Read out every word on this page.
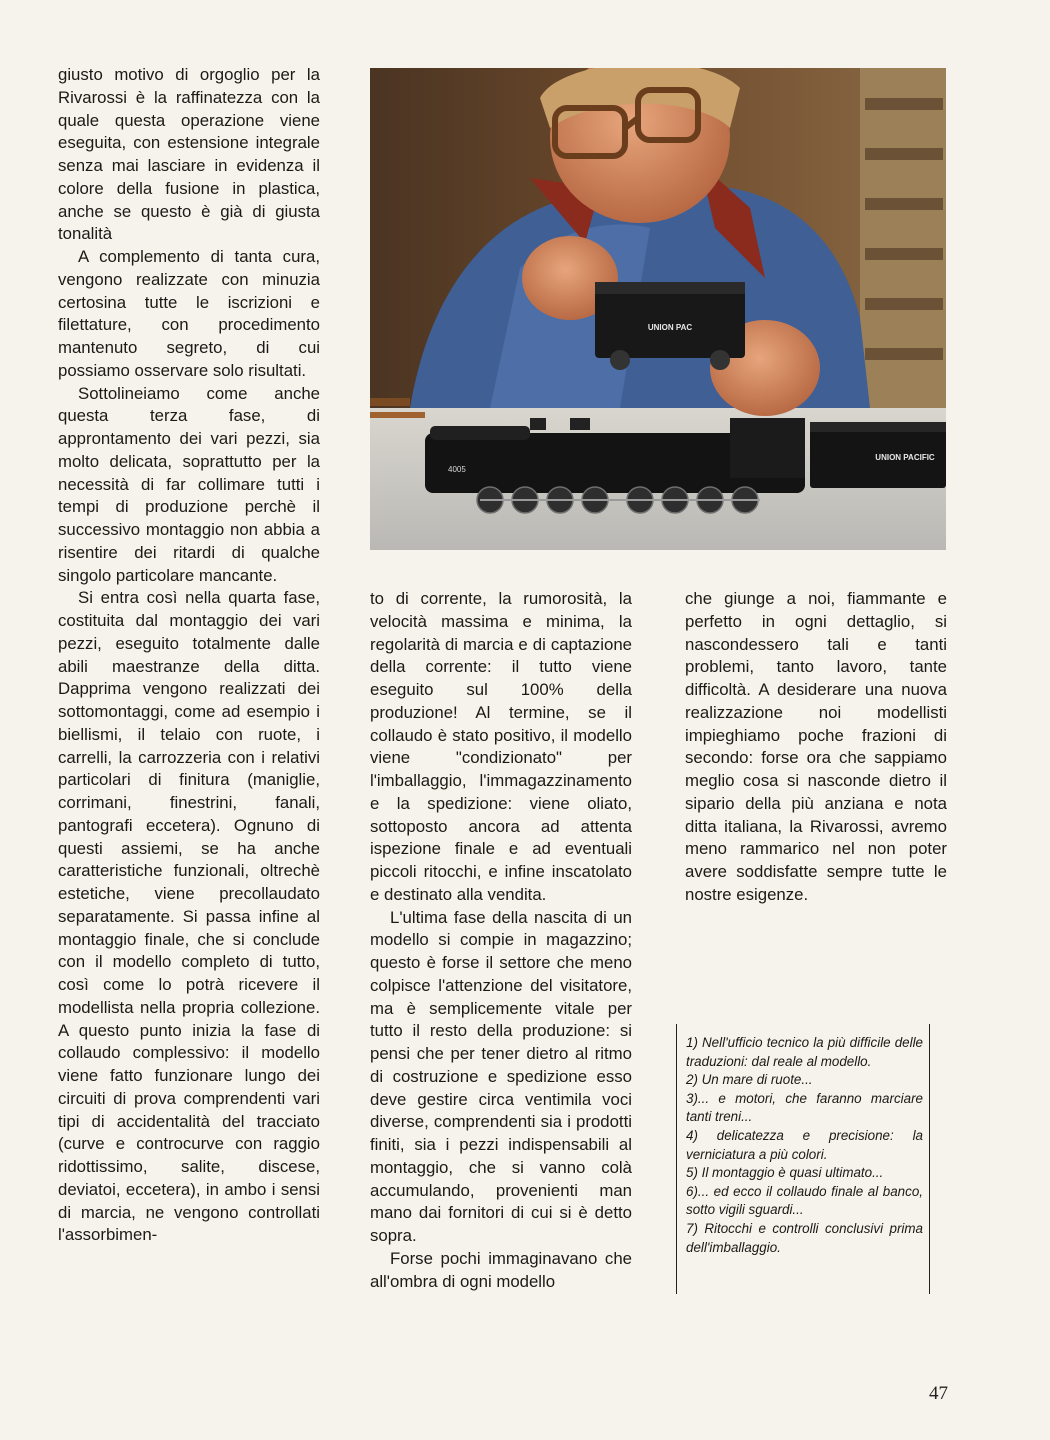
giusto motivo di orgoglio per la Rivarossi è la raffinatezza con la quale questa operazione viene eseguita, con estensione integrale senza mai lasciare in evidenza il colore della fusione in plastica, anche se questo è già di giusta tonalità

A complemento di tanta cura, vengono realizzate con minuzia certosina tutte le iscrizioni e filettature, con procedimento mantenuto segreto, di cui possiamo osservare solo risultati.

Sottolineiamo come anche questa terza fase, di approntamento dei vari pezzi, sia molto delicata, soprattutto per la necessità di far collimare tutti i tempi di produzione perchè il successivo montaggio non abbia a risentire dei ritardi di qualche singolo particolare mancante.

Si entra così nella quarta fase, costituita dal montaggio dei vari pezzi, eseguito totalmente dalle abili maestranze della ditta. Dapprima vengono realizzati dei sottomontaggi, come ad esempio i biellismi, il telaio con ruote, i carrelli, la carrozzeria con i relativi particolari di finitura (maniglie, corrimani, finestrini, fanali, pantografi eccetera). Ognuno di questi assiemi, se ha anche caratteristiche funzionali, oltrechè estetiche, viene precollaudato separatamente. Si passa infine al montaggio finale, che si conclude con il modello completo di tutto, così come lo potrà ricevere il modellista nella propria collezione. A questo punto inizia la fase di collaudo complessivo: il modello viene fatto funzionare lungo dei circuiti di prova comprendenti vari tipi di accidentalità del tracciato (curve e controcurve con raggio ridottissimo, salite, discese, deviatoi, eccetera), in ambo i sensi di marcia, ne vengono controllati l'assorbimen-

UNION PAC
UNION PACIFIC
4005

to di corrente, la rumorosità, la velocità massima e minima, la regolarità di marcia e di captazione della corrente: il tutto viene eseguito sul 100% della produzione! Al termine, se il collaudo è stato positivo, il modello viene "condizionato" per l'imballaggio, l'immagazzinamento e la spedizione: viene oliato, sottoposto ancora ad attenta ispezione finale e ad eventuali piccoli ritocchi, e infine inscatolato e destinato alla vendita.

L'ultima fase della nascita di un modello si compie in magazzino; questo è forse il settore che meno colpisce l'attenzione del visitatore, ma è semplicemente vitale per tutto il resto della produzione: si pensi che per tener dietro al ritmo di costruzione e spedizione esso deve gestire circa ventimila voci diverse, comprendenti sia i prodotti finiti, sia i pezzi indispensabili al montaggio, che si vanno colà accumulando, provenienti man mano dai fornitori di cui si è detto sopra.

Forse pochi immaginavano che all'ombra di ogni modello

che giunge a noi, fiammante e perfetto in ogni dettaglio, si nascondessero tali e tanti problemi, tanto lavoro, tante difficoltà. A desiderare una nuova realizzazione noi modellisti impieghiamo poche frazioni di secondo: forse ora che sappiamo meglio cosa si nasconde dietro il sipario della più anziana e nota ditta italiana, la Rivarossi, avremo meno rammarico nel non poter avere soddisfatte sempre tutte le nostre esigenze.

1) Nell'ufficio tecnico la più difficile delle traduzioni: dal reale al modello.

2) Un mare di ruote...

3)... e motori, che faranno marciare tanti treni...

4) delicatezza e precisione: la verniciatura a più colori.

5) Il montaggio è quasi ultimato...

6)... ed ecco il collaudo finale al banco, sotto vigili sguardi...

7) Ritocchi e controlli conclusivi prima dell'imballaggio.

47
